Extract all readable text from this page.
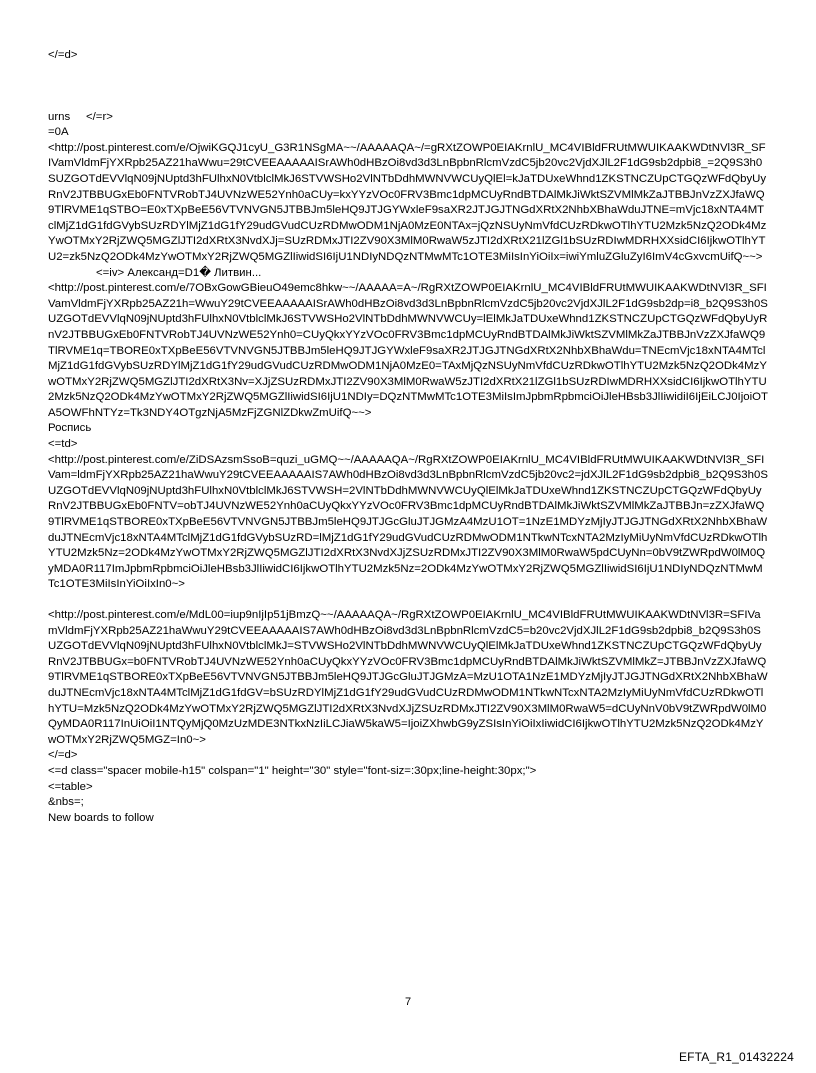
</=d>

urns     </=r>

=0A

<http://post.pinterest.com/e/OjwiKGQJ1cyU_G3R1NSgMA~~/AAAAAQA~/=gRXtZOWP0EIAKrnlU_MC4VIBldFRUtMWUIKAAKWDtNVl3R_SFIVamVldmFjYXRpb25AZ21haWwu=29tCVEEAAAAAISrAWh0dHBzOi8vd3d3LnBpbnRlcmVzdC5jb20vc2VjdXJlL2F1dG9sb2dpbi8_=2Q9S3h0SUZGOTdEVVlqN09jNUptd3hFUlhxN0VtblclMkJ6STVWSHo2VlNTbDdhMWNVWCUyQlEl=kJaTDUxeWhnd1ZKSTNCZUpCTGQzWFdQbyUyRnV2JTBBUGxEb0FNTVRobTJ4UVNzWE52Ynh0aCUy=kxYYzVOc0FRV3Bmc1dpMCUyRndBTDAlMkJiWktSZVMlMkZaJTBBJnVzZXJfaWQ9TlRVME1qSTBO=E0xTXpBeE56VTVNVGN5JTBBJm5leHQ9JTJGYWxleF9saXR2JTJGJTNGdXRtX2NhbXBhaWduJTNE=mVjc18xNTA4MTclMjZ1dG1fdGVybSUzRDYlMjZ1dG1fY29udGVudCUzRDMwODM1NjA0MzE0NTAx=jQzNSUyNmVfdCUzRDkwOTlhYTU2Mzk5NzQ2ODk4MzYwOTMxY2RjZWQ5MGZlJTI2dXRtX3NvdXJj=SUzRDMxJTI2ZV90X3MlM0RwaW5zJTI2dXRtX21lZGl1bSUzRDIwMDRHXXsidCI6IjkwOTlhYTU2=zk5NzQ2ODk4MzYwOTMxY2RjZWQ5MGZlIiwidSI6IjU1NDIyNDQzNTMwMTc1OTE3MiIsInYiOiIx=iwiYmluZGluZyI6ImV4cGxvcmUifQ~~>

<=iv> Александ=D1� Литвин...

<http://post.pinterest.com/e/7OBxGowGBieuO49emc8hkw~~/AAAAA=A~/RgRXtZOWP0EIAKrnlU_MC4VIBldFRUtMWUIKAAKWDtNVl3R_SFIVamVldmFjYXRpb25AZ21h=WwuY29tCVEEAAAAAISrAWh0dHBzOi8vd3d3LnBpbnRlcmVzdC5jb20vc2VjdXJlL2F1dG9sb2dp=i8_b2Q9S3h0SUZGOTdEVVlqN09jNUptd3hFUlhxN0VtblclMkJ6STVWSHo2VlNTbDdhMWNVWCUy=lElMkJaTDUxeWhnd1ZKSTNCZUpCTGQzWFdQbyUyRnV2JTBBUGxEb0FNTVRobTJ4UVNzWE52Ynh0=CUyQkxYYzVOc0FRV3Bmc1dpMCUyRndBTDAlMkJiWktSZVMlMkZaJTBBJnVzZXJfaWQ9TlRVME1q=TBORE0xTXpBeE56VTVNVGN5JTBBJm5leHQ9JTJGYWxleF9saXR2JTJGJTNGdXRtX2NhbXBhaWdu=TNEcmVjc18xNTA4MTclMjZ1dG1fdGVybSUzRDYlMjZ1dG1fY29udGVudCUzRDMwODM1NjA0MzE0=TAxMjQzNSUyNmVfdCUzRDkwOTlhYTU2Mzk5NzQ2ODk4MzYwOTMxY2RjZWQ5MGZlJTI2dXRtX3Nv=XJjZSUzRDMxJTI2ZV90X3MlM0RwaW5zJTI2dXRtX21lZGl1bSUzRDIwMDRHXXsidCI6IjkwOTlhYTU2Mzk5NzQ2ODk4MzYwOTMxY2RjZWQ5MGZlIiwidSI6IjU1NDIy=DQzNTMwMTc1OTE3MiIsImJpbmRpbmciOiJleHBsb3JlIiwidiI6IjEiLCJ0IjoiOTA5OWFhNTYz=Tk3NDY4OTgzNjA5MzFjZGNlZDkwZmUifQ~~>

Роспись

<=td>

<http://post.pinterest.com/e/ZiDSAzsmSsoB=quzi_uGMQ~~/AAAAAQA~/RgRXtZOWP0EIAKrnlU_MC4VIBldFRUtMWUIKAAKWDtNVl3R_SFIVam=ldmFjYXRpb25AZ21haWwuY29tCVEEAAAAAIS7AWh0dHBzOi8vd3d3LnBpbnRlcmVzdC5jb20vc2=jdXJlL2F1dG9sb2dpbi8_b2Q9S3h0SUZGOTdEVVlqN09jNUptd3hFUlhxN0VtblclMkJ6STVWSH=2VlNTbDdhMWNVWCUyQlElMkJaTDUxeWhnd1ZKSTNCZUpCTGQzWFdQbyUyRnV2JTBBUGxEb0FNTV=obTJ4UVNzWE52Ynh0aCUyQkxYYzVOc0FRV3Bmc1dpMCUyRndBTDAlMkJiWktSZVMlMkZaJTBBJn=zZXJfaWQ9TlRVME1qSTBORE0xTXpBeE56VTVNVGN5JTBBJm5leHQ9JTJGcGluJTJGMzA4MzU1OT=1NzE1MDYzMjIyJTJGJTNGdXRtX2NhbXBhaWduJTNEcmVjc18xNTA4MTclMjZ1dG1fdGVybSUzRD=lMjZ1dG1fY29udGVudCUzRDMwODM1NTkwNTcxNTA2MzIyMiUyNmVfdCUzRDkwOTlhYTU2Mzk5Nz=2ODk4MzYwOTMxY2RjZWQ5MGZlJTI2dXRtX3NvdXJjZSUzRDMxJTI2ZV90X3MlM0RwaW5pdCUyNn=0bV9tZWRpdW0lM0QyMDA0R117ImJpbmRpbmciOiJleHBsb3JlIiwidCI6IjkwOTlhYTU2Mzk5Nz=2ODk4MzYwOTMxY2RjZWQ5MGZlIiwidSI6IjU1NDIyNDQzNTMwMTc1OTE3MiIsInYiOiIxIn0~>

<http://post.pinterest.com/e/MdL00=iup9nIjIp51jBmzQ~~/AAAAAQA~/RgRXtZOWP0EIAKrnlU_MC4VIBldFRUtMWUIKAAKWDtNVl3R=SFIVamVldmFjYXRpb25AZ21haWwuY29tCVEEAAAAAIS7AWh0dHBzOi8vd3d3LnBpbnRlcmVzdC5=b20vc2VjdXJlL2F1dG9sb2dpbi8_b2Q9S3h0SUZGOTdEVVlqN09jNUptd3hFUlhxN0VtblclMkJ=STVWSHo2VlNTbDdhMWNVWCUyQlElMkJaTDUxeWhnd1ZKSTNCZUpCTGQzWFdQbyUyRnV2JTBBUGx=b0FNTVRobTJ4UVNzWE52Ynh0aCUyQkxYYzVOc0FRV3Bmc1dpMCUyRndBTDAlMkJiWktSZVMlMkZ=JTBBJnVzZXJfaWQ9TlRVME1qSTBORE0xTXpBeE56VTVNVGN5JTBBJm5leHQ9JTJGcGluJTJGMzA=MzU1OTA1NzE1MDYzMjIyJTJGJTNGdXRtX2NhbXBhaWduJTNEcmVjc18xNTA4MTclMjZ1dG1fdGV=bSUzRDYlMjZ1dG1fY29udGVudCUzRDMwODM1NTkwNTcxNTA2MzIyMiUyNmVfdCUzRDkwOTlhYTU=Mzk5NzQ2ODk4MzYwOTMxY2RjZWQ5MGZlJTI2dXRtX3NvdXJjZSUzRDMxJTI2ZV90X3MlM0RwaW5=dCUyNnV0bV9tZWRpdW0lM0QyMDA0R117InUiOiI1NTQyMjQ0MzUzMDE3NTkxNzIiLCJiaW5kaW5=IjoiZXhwbG9yZSIsInYiOiIxIiwidCI6IjkwOTlhYTU2Mzk5NzQ2ODk4MzYwOTMxY2RjZWQ5MGZ=In0~>

</=d>

<=d class="spacer mobile-h15" colspan="1" height="30" style="font-siz=:30px;line-height:30px;">

<=table>

&nbs=;

New boards to follow

7
EFTA_R1_01432224
